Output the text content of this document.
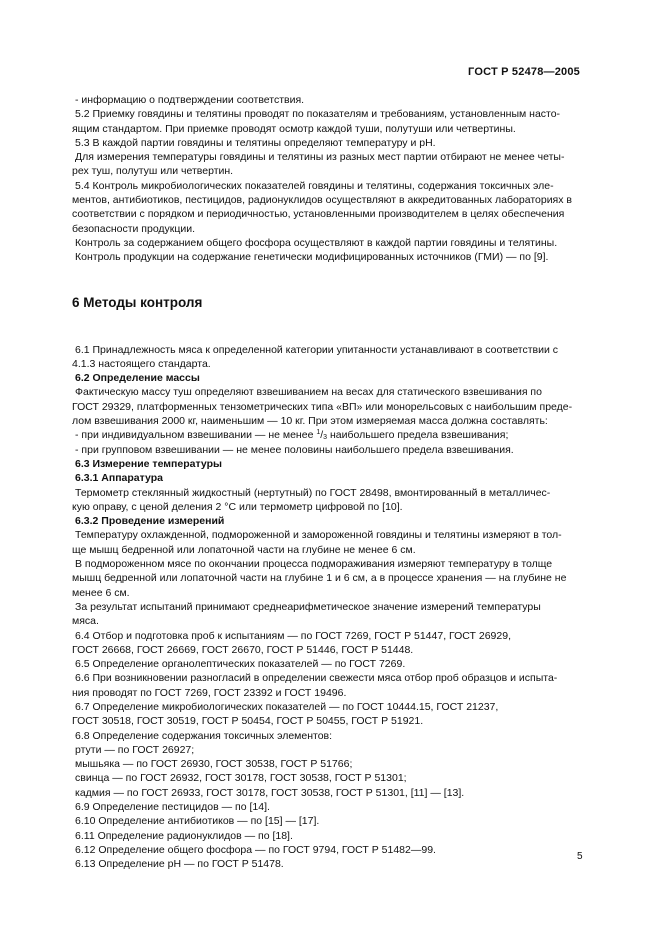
ГОСТ Р 52478—2005
- информацию о подтверждении соответствия.
5.2 Приемку говядины и телятины проводят по показателям и требованиям, установленным насто-
ящим стандартом. При приемке проводят осмотр каждой туши, полутуши или четвертины.
5.3 В каждой партии говядины и телятины определяют температуру и рН.
Для измерения температуры говядины и телятины из разных мест партии отбирают не менее четы-
рех туш, полутуш или четвертин.
5.4 Контроль микробиологических показателей говядины и телятины, содержания токсичных эле-
ментов, антибиотиков, пестицидов, радионуклидов осуществляют в аккредитованных лабораториях в
соответствии с порядком и периодичностью, установленными производителем в целях обеспечения
безопасности продукции.
Контроль за содержанием общего фосфора осуществляют в каждой партии говядины и телятины.
Контроль продукции на содержание генетически модифицированных источников (ГМИ) — по [9].
6 Методы контроля
6.1 Принадлежность мяса к определенной категории упитанности устанавливают в соответствии с
4.1.3 настоящего стандарта.
6.2 Определение массы
Фактическую массу туш определяют взвешиванием на весах для статического взвешивания по
ГОСТ 29329, платформенных тензометрических типа «ВП» или монорельсовых с наибольшим преде-
лом взвешивания 2000 кг, наименьшим — 10 кг. При этом измеряемая масса должна составлять:
- при индивидуальном взвешивании — не менее $^1/_3$ наибольшего предела взвешивания;
- при групповом взвешивании — не менее половины наибольшего предела взвешивания.
6.3 Измерение температуры
6.3.1 Аппаратура
Термометр стеклянный жидкостный (нертутный) по ГОСТ 28498, вмонтированный в металличес-
кую оправу, с ценой деления 2 °С или термометр цифровой по [10].
6.3.2 Проведение измерений
Температуру охлажденной, подмороженной и замороженной говядины и телятины измеряют в тол-
ще мышц бедренной или лопаточной части на глубине не менее 6 см.
В подмороженном мясе по окончании процесса подмораживания измеряют температуру в толще
мышц бедренной или лопаточной части на глубине 1 и 6 см, а в процессе хранения — на глубине не
менее 6 см.
За результат испытаний принимают среднеарифметическое значение измерений температуры
мяса.
6.4 Отбор и подготовка проб к испытаниям — по ГОСТ 7269, ГОСТ Р 51447, ГОСТ 26929,
ГОСТ 26668, ГОСТ 26669, ГОСТ 26670, ГОСТ Р 51446, ГОСТ Р 51448.
6.5 Определение органолептических показателей — по ГОСТ 7269.
6.6 При возникновении разногласий в определении свежести мяса отбор проб образцов и испыта-
ния проводят по ГОСТ 7269, ГОСТ 23392 и ГОСТ 19496.
6.7 Определение микробиологических показателей — по ГОСТ 10444.15, ГОСТ 21237,
ГОСТ 30518, ГОСТ 30519, ГОСТ Р 50454, ГОСТ Р 50455, ГОСТ Р 51921.
6.8 Определение содержания токсичных элементов:
ртути — по ГОСТ 26927;
мышьяка — по ГОСТ 26930, ГОСТ 30538, ГОСТ Р 51766;
свинца — по ГОСТ 26932, ГОСТ 30178, ГОСТ 30538, ГОСТ Р 51301;
кадмия — по ГОСТ 26933, ГОСТ 30178, ГОСТ 30538, ГОСТ Р 51301, [11] — [13].
6.9 Определение пестицидов — по [14].
6.10 Определение антибиотиков — по [15] — [17].
6.11 Определение радионуклидов — по [18].
6.12 Определение общего фосфора — по ГОСТ 9794, ГОСТ Р 51482—99.
6.13 Определение рН — по ГОСТ Р 51478.
5
